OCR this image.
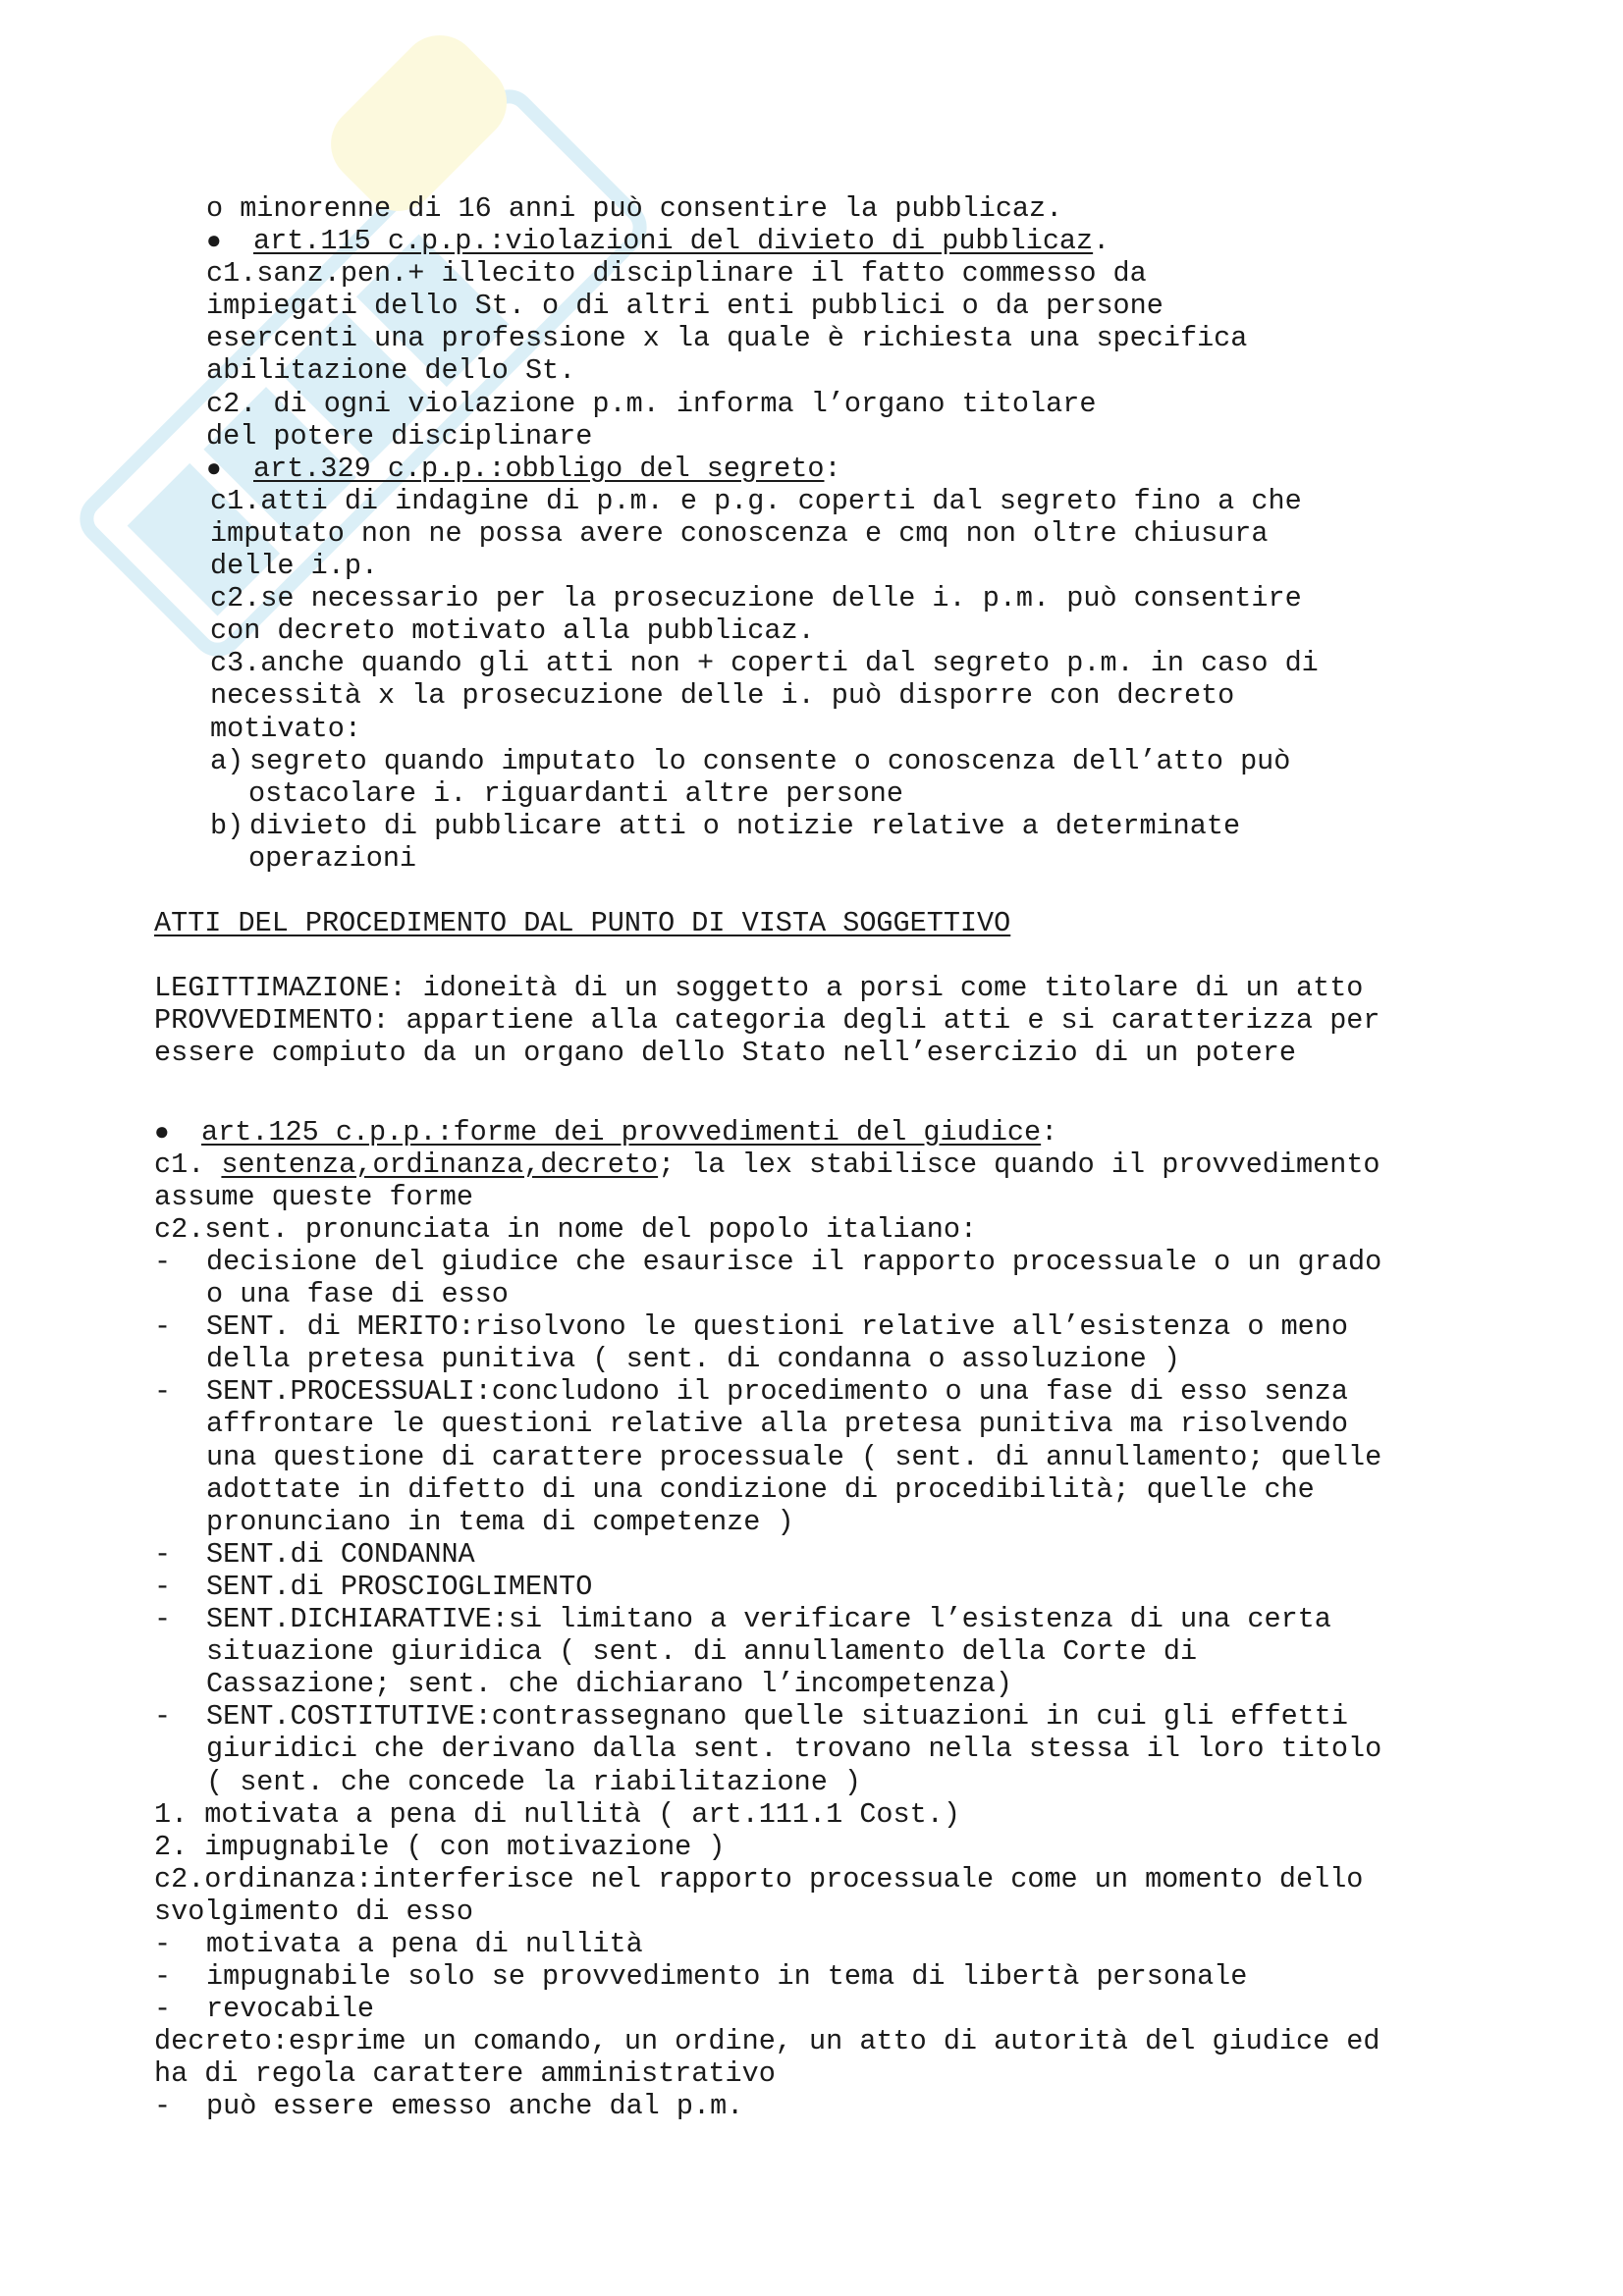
o minorenne di 16 anni può consentire la pubblicaz.
● art.115 c.p.p.:violazioni del divieto di pubblicaz.
c1.sanz.pen.+ illecito disciplinare il fatto commesso da
impiegati dello St. o di altri enti pubblici o da persone
esercenti una professione x la quale è richiesta una specifica
abilitazione dello St.
c2. di ogni violazione p.m. informa l’organo titolare
del potere disciplinare
● art.329 c.p.p.:obbligo del segreto:
c1.atti di indagine di p.m. e p.g. coperti dal segreto fino a che
imputato non ne possa avere conoscenza e cmq non oltre chiusura
delle i.p.
c2.se necessario per la prosecuzione delle i. p.m. può consentire
con decreto motivato alla pubblicaz.
c3.anche quando gli atti non + coperti dal segreto p.m. in caso di
necessità x la prosecuzione delle i. può disporre con decreto
motivato:
a) segreto quando imputato lo consente o conoscenza dell’atto può
ostacolare i. riguardanti altre persone
b) divieto di pubblicare atti o notizie relative a determinate
operazioni
ATTI DEL PROCEDIMENTO DAL PUNTO DI VISTA SOGGETTIVO
LEGITTIMAZIONE: idoneità di un soggetto a porsi come titolare di un atto
PROVVEDIMENTO: appartiene alla categoria degli atti e si caratterizza per
essere compiuto da un organo dello Stato nell’esercizio di un potere
● art.125 c.p.p.:forme dei provvedimenti del giudice:
c1. sentenza,ordinanza,decreto; la lex stabilisce quando il provvedimento
assume queste forme
c2.sent. pronunciata in nome del popolo italiano:
- decisione del giudice che esaurisce il rapporto processuale o un grado
o una fase di esso
- SENT. di MERITO:risolvono le questioni relative all’esistenza o meno
della pretesa punitiva ( sent. di condanna o assoluzione )
- SENT.PROCESSUALI:concludono il procedimento o una fase di esso senza
affrontare le questioni relative alla pretesa punitiva ma risolvendo
una questione di carattere processuale ( sent. di annullamento; quelle
adottate in difetto di una condizione di procedibilità; quelle che
pronunciano in tema di competenze )
- SENT.di CONDANNA
- SENT.di PROSCIOGLIMENTO
- SENT.DICHIARATIVE:si limitano a verificare l’esistenza di una certa
situazione giuridica ( sent. di annullamento della Corte di
Cassazione; sent. che dichiarano l’incompetenza)
- SENT.COSTITUTIVE:contrassegnano quelle situazioni in cui gli effetti
giuridici che derivano dalla sent. trovano nella stessa il loro titolo
( sent. che concede la riabilitazione )
1. motivata a pena di nullità ( art.111.1 Cost.)
2. impugnabile ( con motivazione )
c2.ordinanza:interferisce nel rapporto processuale come un momento dello
svolgimento di esso
- motivata a pena di nullità
- impugnabile solo se provvedimento in tema di libertà personale
- revocabile
decreto:esprime un comando, un ordine, un atto di autorità del giudice ed
ha di regola carattere amministrativo
- può essere emesso anche dal p.m.
